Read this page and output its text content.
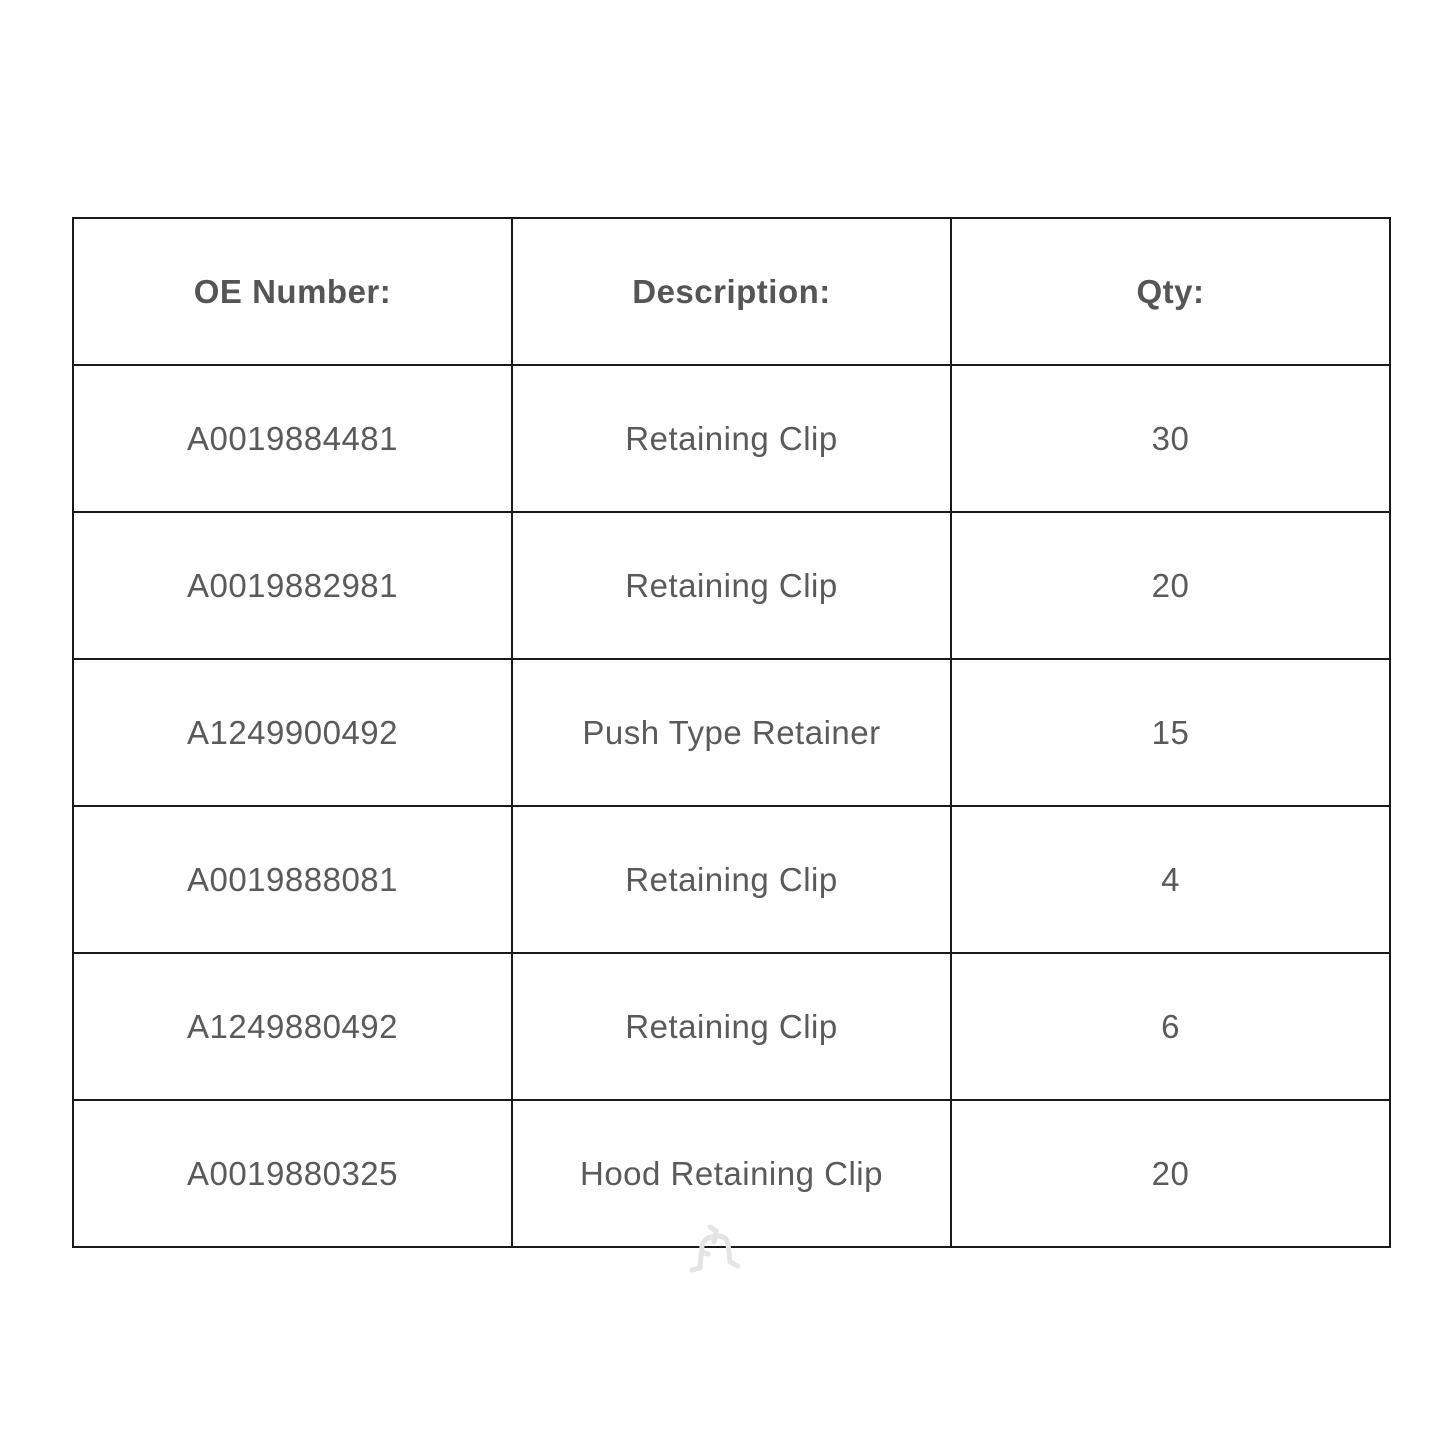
OE Number:	Description:	Qty:
A0019884481	Retaining Clip	30
A0019882981	Retaining Clip	20
A1249900492	Push Type Retainer	15
A0019888081	Retaining Clip	4
A1249880492	Retaining Clip	6
A0019880325	Hood Retaining Clip	20
